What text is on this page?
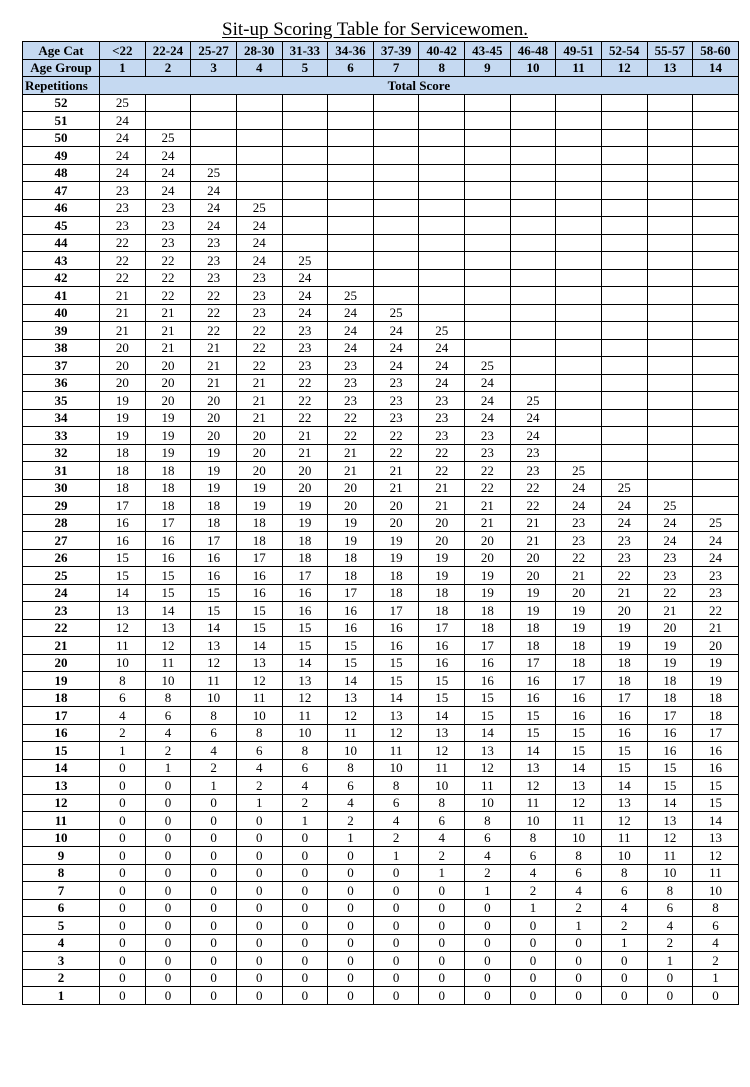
Sit-up Scoring Table for Servicewomen.
Age Cat	<22	22-24	25-27	28-30	31-33	34-36	37-39	40-42	43-45	46-48	49-51	52-54	55-57	58-60
Age Group	1	2	3	4	5	6	7	8	9	10	11	12	13	14
Repetitions	Total Score													
52	25													
51	24													
50	24	25												
49	24	24												
48	24	24	25											
47	23	24	24											
46	23	23	24	25										
45	23	23	24	24										
44	22	23	23	24										
43	22	22	23	24	25									
42	22	22	23	23	24									
41	21	22	22	23	24	25								
40	21	21	22	23	24	24	25							
39	21	21	22	22	23	24	24	25						
38	20	21	21	22	23	24	24	24						
37	20	20	21	22	23	23	24	24	25					
36	20	20	21	21	22	23	23	24	24					
35	19	20	20	21	22	23	23	23	24	25				
34	19	19	20	21	22	22	23	23	24	24				
33	19	19	20	20	21	22	22	23	23	24				
32	18	19	19	20	21	21	22	22	23	23				
31	18	18	19	20	20	21	21	22	22	23	25			
30	18	18	19	19	20	20	21	21	22	22	24	25		
29	17	18	18	19	19	20	20	21	21	22	24	24	25	
28	16	17	18	18	19	19	20	20	21	21	23	24	24	25
27	16	16	17	18	18	19	19	20	20	21	23	23	24	24
26	15	16	16	17	18	18	19	19	20	20	22	23	23	24
25	15	15	16	16	17	18	18	19	19	20	21	22	23	23
24	14	15	15	16	16	17	18	18	19	19	20	21	22	23
23	13	14	15	15	16	16	17	18	18	19	19	20	21	22
22	12	13	14	15	15	16	16	17	18	18	19	19	20	21
21	11	12	13	14	15	15	16	16	17	18	18	19	19	20
20	10	11	12	13	14	15	15	16	16	17	18	18	19	19
19	8	10	11	12	13	14	15	15	16	16	17	18	18	19
18	6	8	10	11	12	13	14	15	15	16	16	17	18	18
17	4	6	8	10	11	12	13	14	15	15	16	16	17	18
16	2	4	6	8	10	11	12	13	14	15	15	16	16	17
15	1	2	4	6	8	10	11	12	13	14	15	15	16	16
14	0	1	2	4	6	8	10	11	12	13	14	15	15	16
13	0	0	1	2	4	6	8	10	11	12	13	14	15	15
12	0	0	0	1	2	4	6	8	10	11	12	13	14	15
11	0	0	0	0	1	2	4	6	8	10	11	12	13	14
10	0	0	0	0	0	1	2	4	6	8	10	11	12	13
9	0	0	0	0	0	0	1	2	4	6	8	10	11	12
8	0	0	0	0	0	0	0	1	2	4	6	8	10	11
7	0	0	0	0	0	0	0	0	1	2	4	6	8	10
6	0	0	0	0	0	0	0	0	0	1	2	4	6	8
5	0	0	0	0	0	0	0	0	0	0	1	2	4	6
4	0	0	0	0	0	0	0	0	0	0	0	1	2	4
3	0	0	0	0	0	0	0	0	0	0	0	0	1	2
2	0	0	0	0	0	0	0	0	0	0	0	0	0	1
1	0	0	0	0	0	0	0	0	0	0	0	0	0	0
